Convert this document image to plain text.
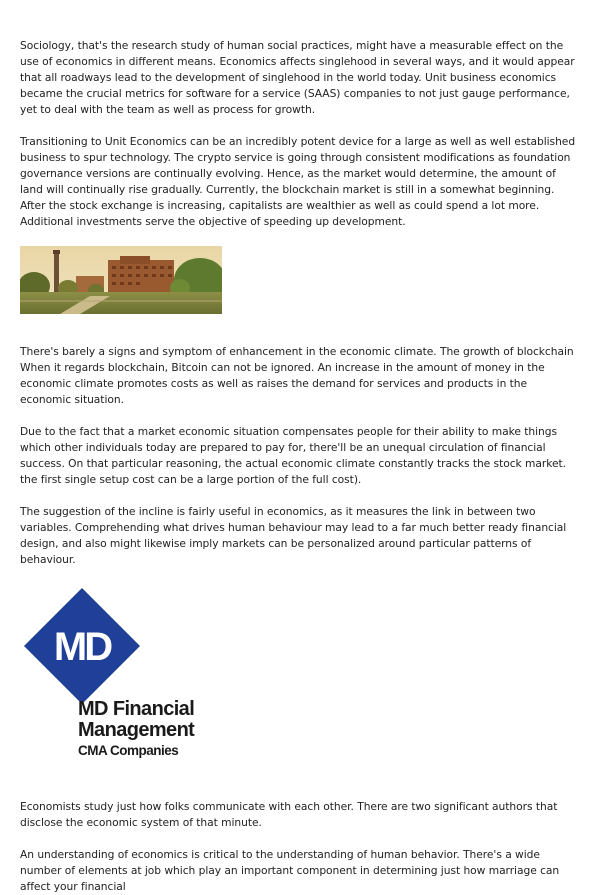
Sociology, that's the research study of human social practices, might have a measurable effect on the use of economics in different means. Economics affects singlehood in several ways, and it would appear that all roadways lead to the development of singlehood in the world today. Unit business economics became the crucial metrics for software for a service (SAAS) companies to not just gauge performance, yet to deal with the team as well as process for growth.

Transitioning to Unit Economics can be an incredibly potent device for a large as well as well established business to spur technology. The crypto service is going through consistent modifications as foundation governance versions are continually evolving. Hence, as the market would determine, the amount of land will continually rise gradually. Currently, the blockchain market is still in a somewhat beginning. After the stock exchange is increasing, capitalists are wealthier as well as could spend a lot more. Additional investments serve the objective of speeding up development.

There's barely a signs and symptom of enhancement in the economic climate. The growth of blockchain When it regards blockchain, Bitcoin can not be ignored. An increase in the amount of money in the economic climate promotes costs as well as raises the demand for services and products in the economic situation.

Due to the fact that a market economic situation compensates people for their ability to make things which other individuals today are prepared to pay for, there'll be an unequal circulation of financial success. On that particular reasoning, the actual economic climate constantly tracks the stock market. the first single setup cost can be a large portion of the full cost).

The suggestion of the incline is fairly useful in economics, as it measures the link in between two variables. Comprehending what drives human behaviour may lead to a far much better ready financial design, and also might likewise imply markets can be personalized around particular patterns of behaviour.

MD
MD Financial
Management
CMA Companies

Economists study just how folks communicate with each other. There are two significant authors that disclose the economic system of that minute.

An understanding of economics is critical to the understanding of human behavior. There's a wide number of elements at job which play an important component in determining just how marriage can affect your financial
